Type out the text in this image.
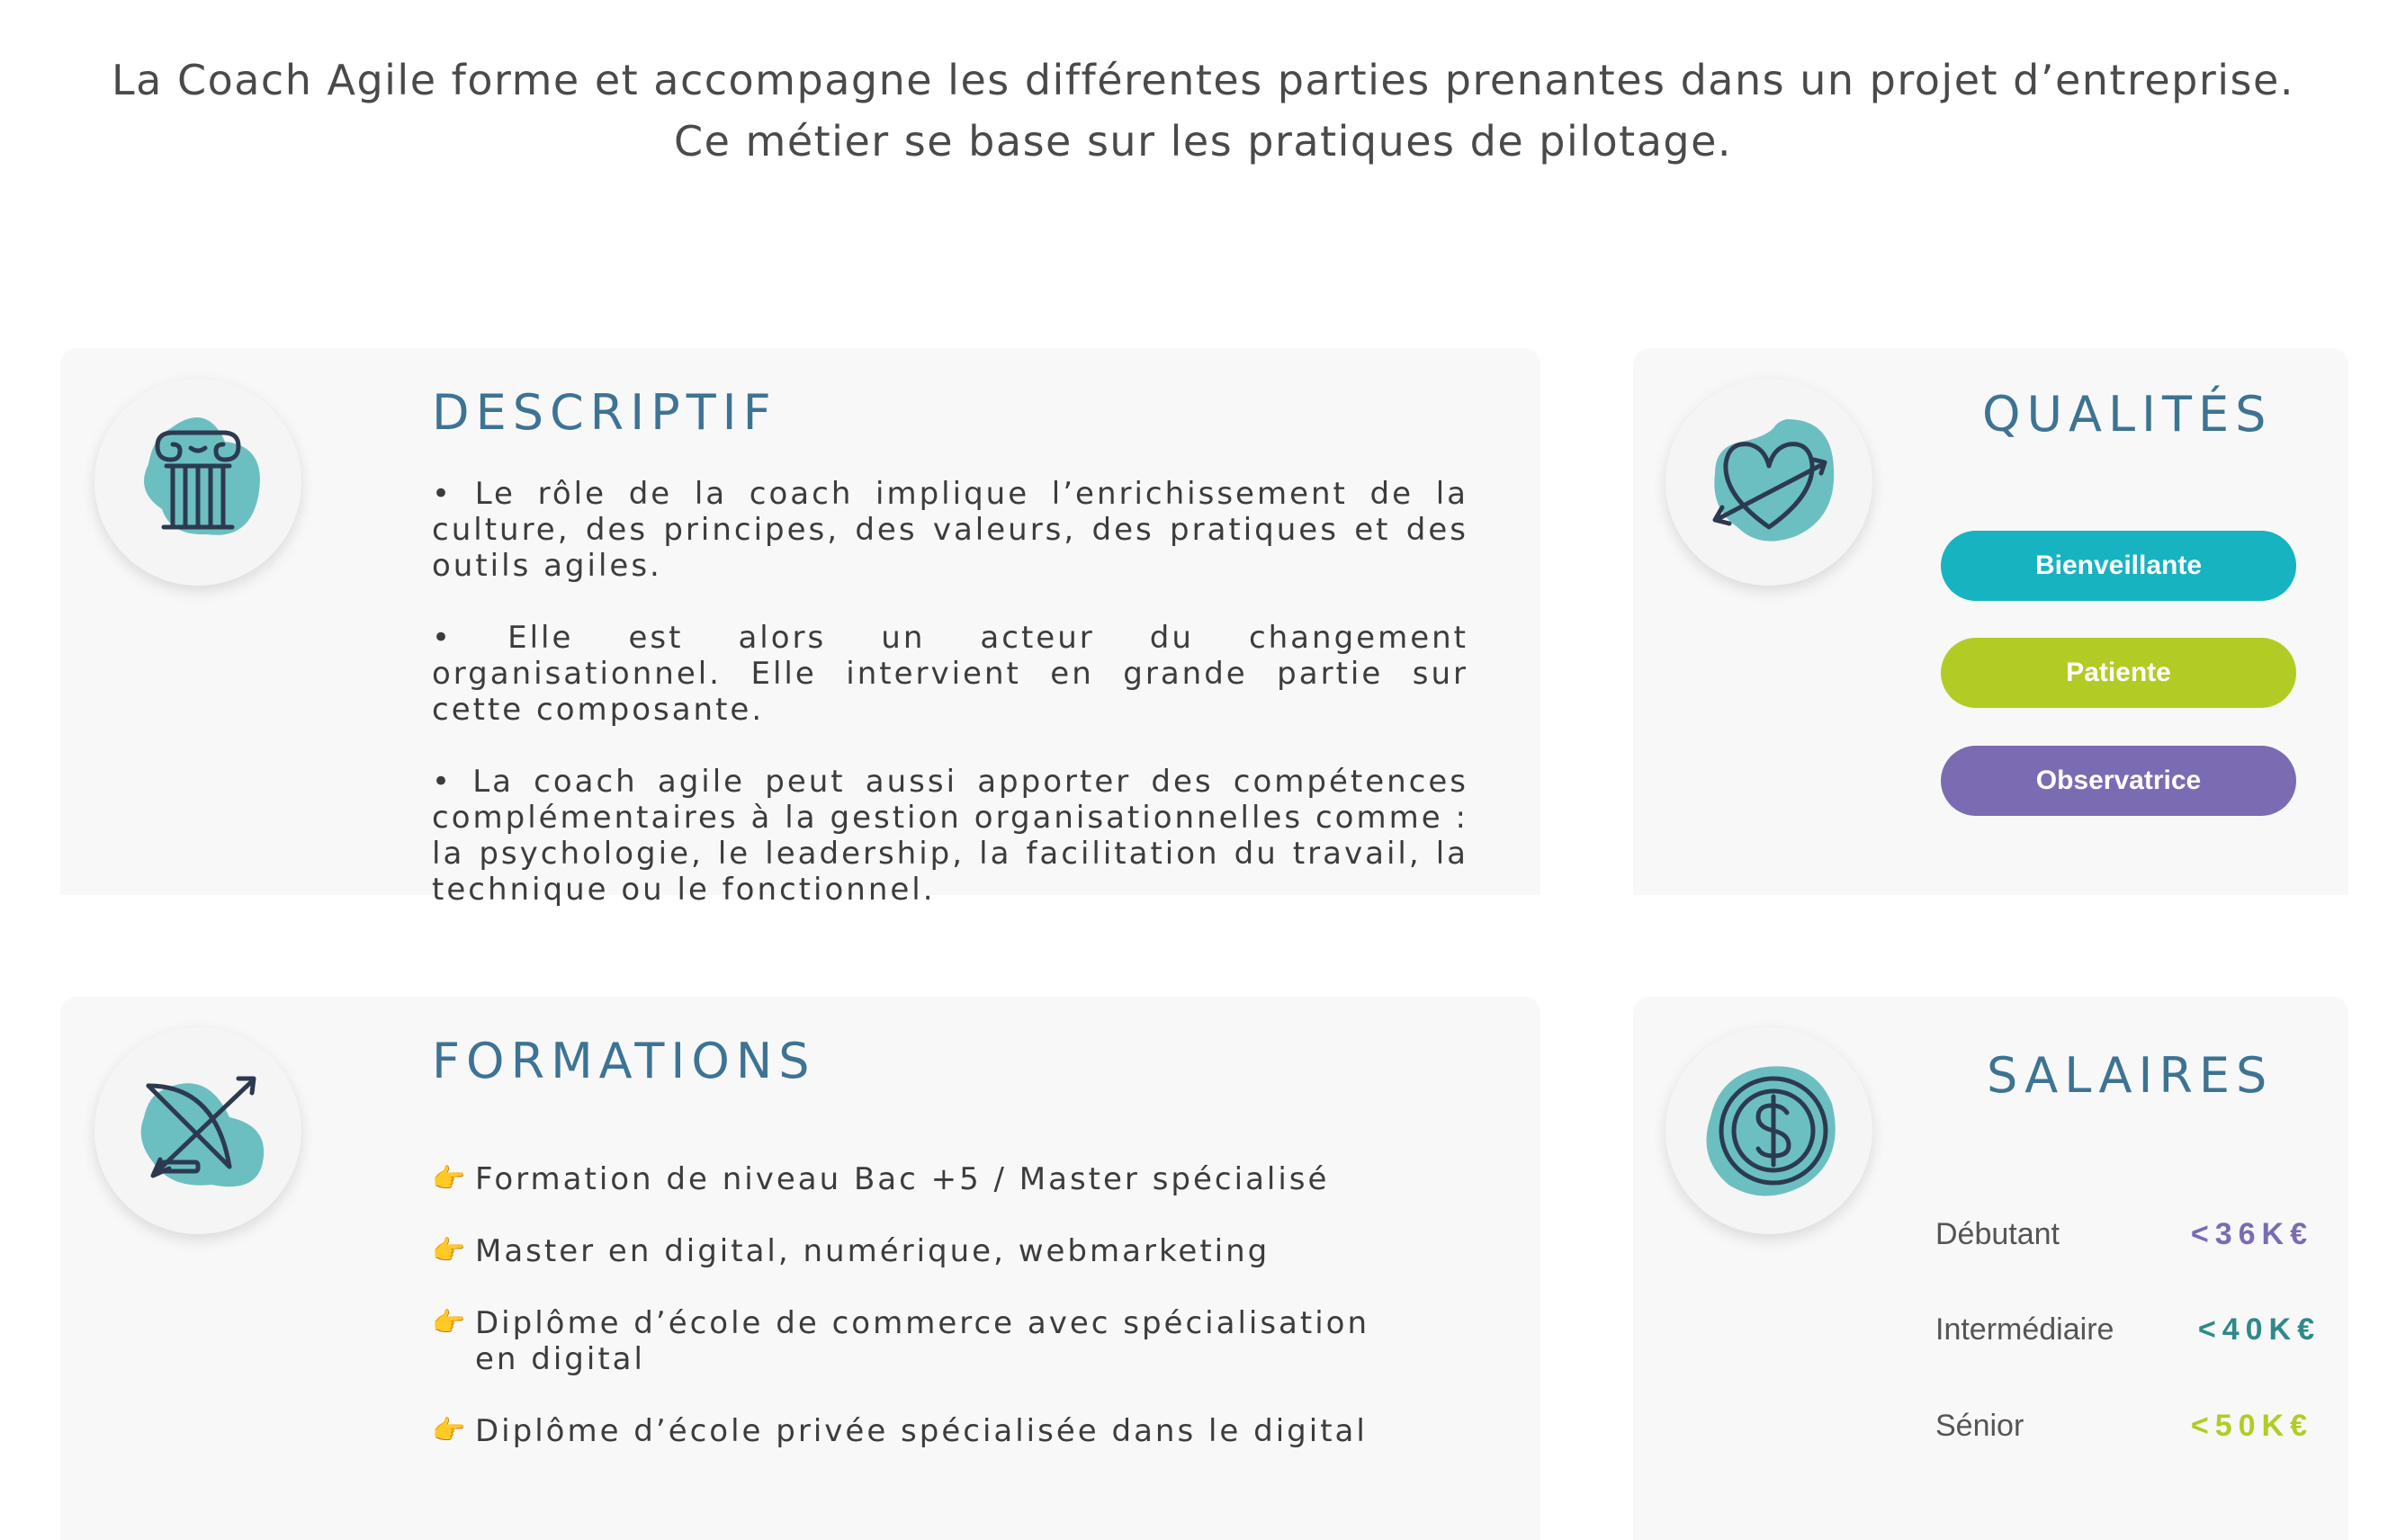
La Coach Agile forme et accompagne les différentes parties prenantes dans un projet d’entreprise.
Ce métier se base sur les pratiques de pilotage.
DESCRIPTIF

• Le rôle de la coach implique l’enrichissement de la culture, des principes, des valeurs, des pratiques et des outils agiles.

• Elle est alors un acteur du changement organisationnel. Elle intervient en grande partie sur cette composante.

• La coach agile peut aussi apporter des compétences complémentaires à la gestion organisationnelles comme : la psychologie, le leadership, la facilitation du travail, la technique ou le fonctionnel.

QUALITÉS
Bienveillante
Patiente
Observatrice
FORMATIONS
👉 Formation de niveau Bac +5 / Master spécialisé
👉 Master en digital, numérique, webmarketing
👉 Diplôme d’école de commerce avec spécialisation en digital
👉 Diplôme d’école privée spécialisée dans le digital
SALAIRES
Débutant	<36K€
Intermédiaire	<40K€
Sénior	<50K€
